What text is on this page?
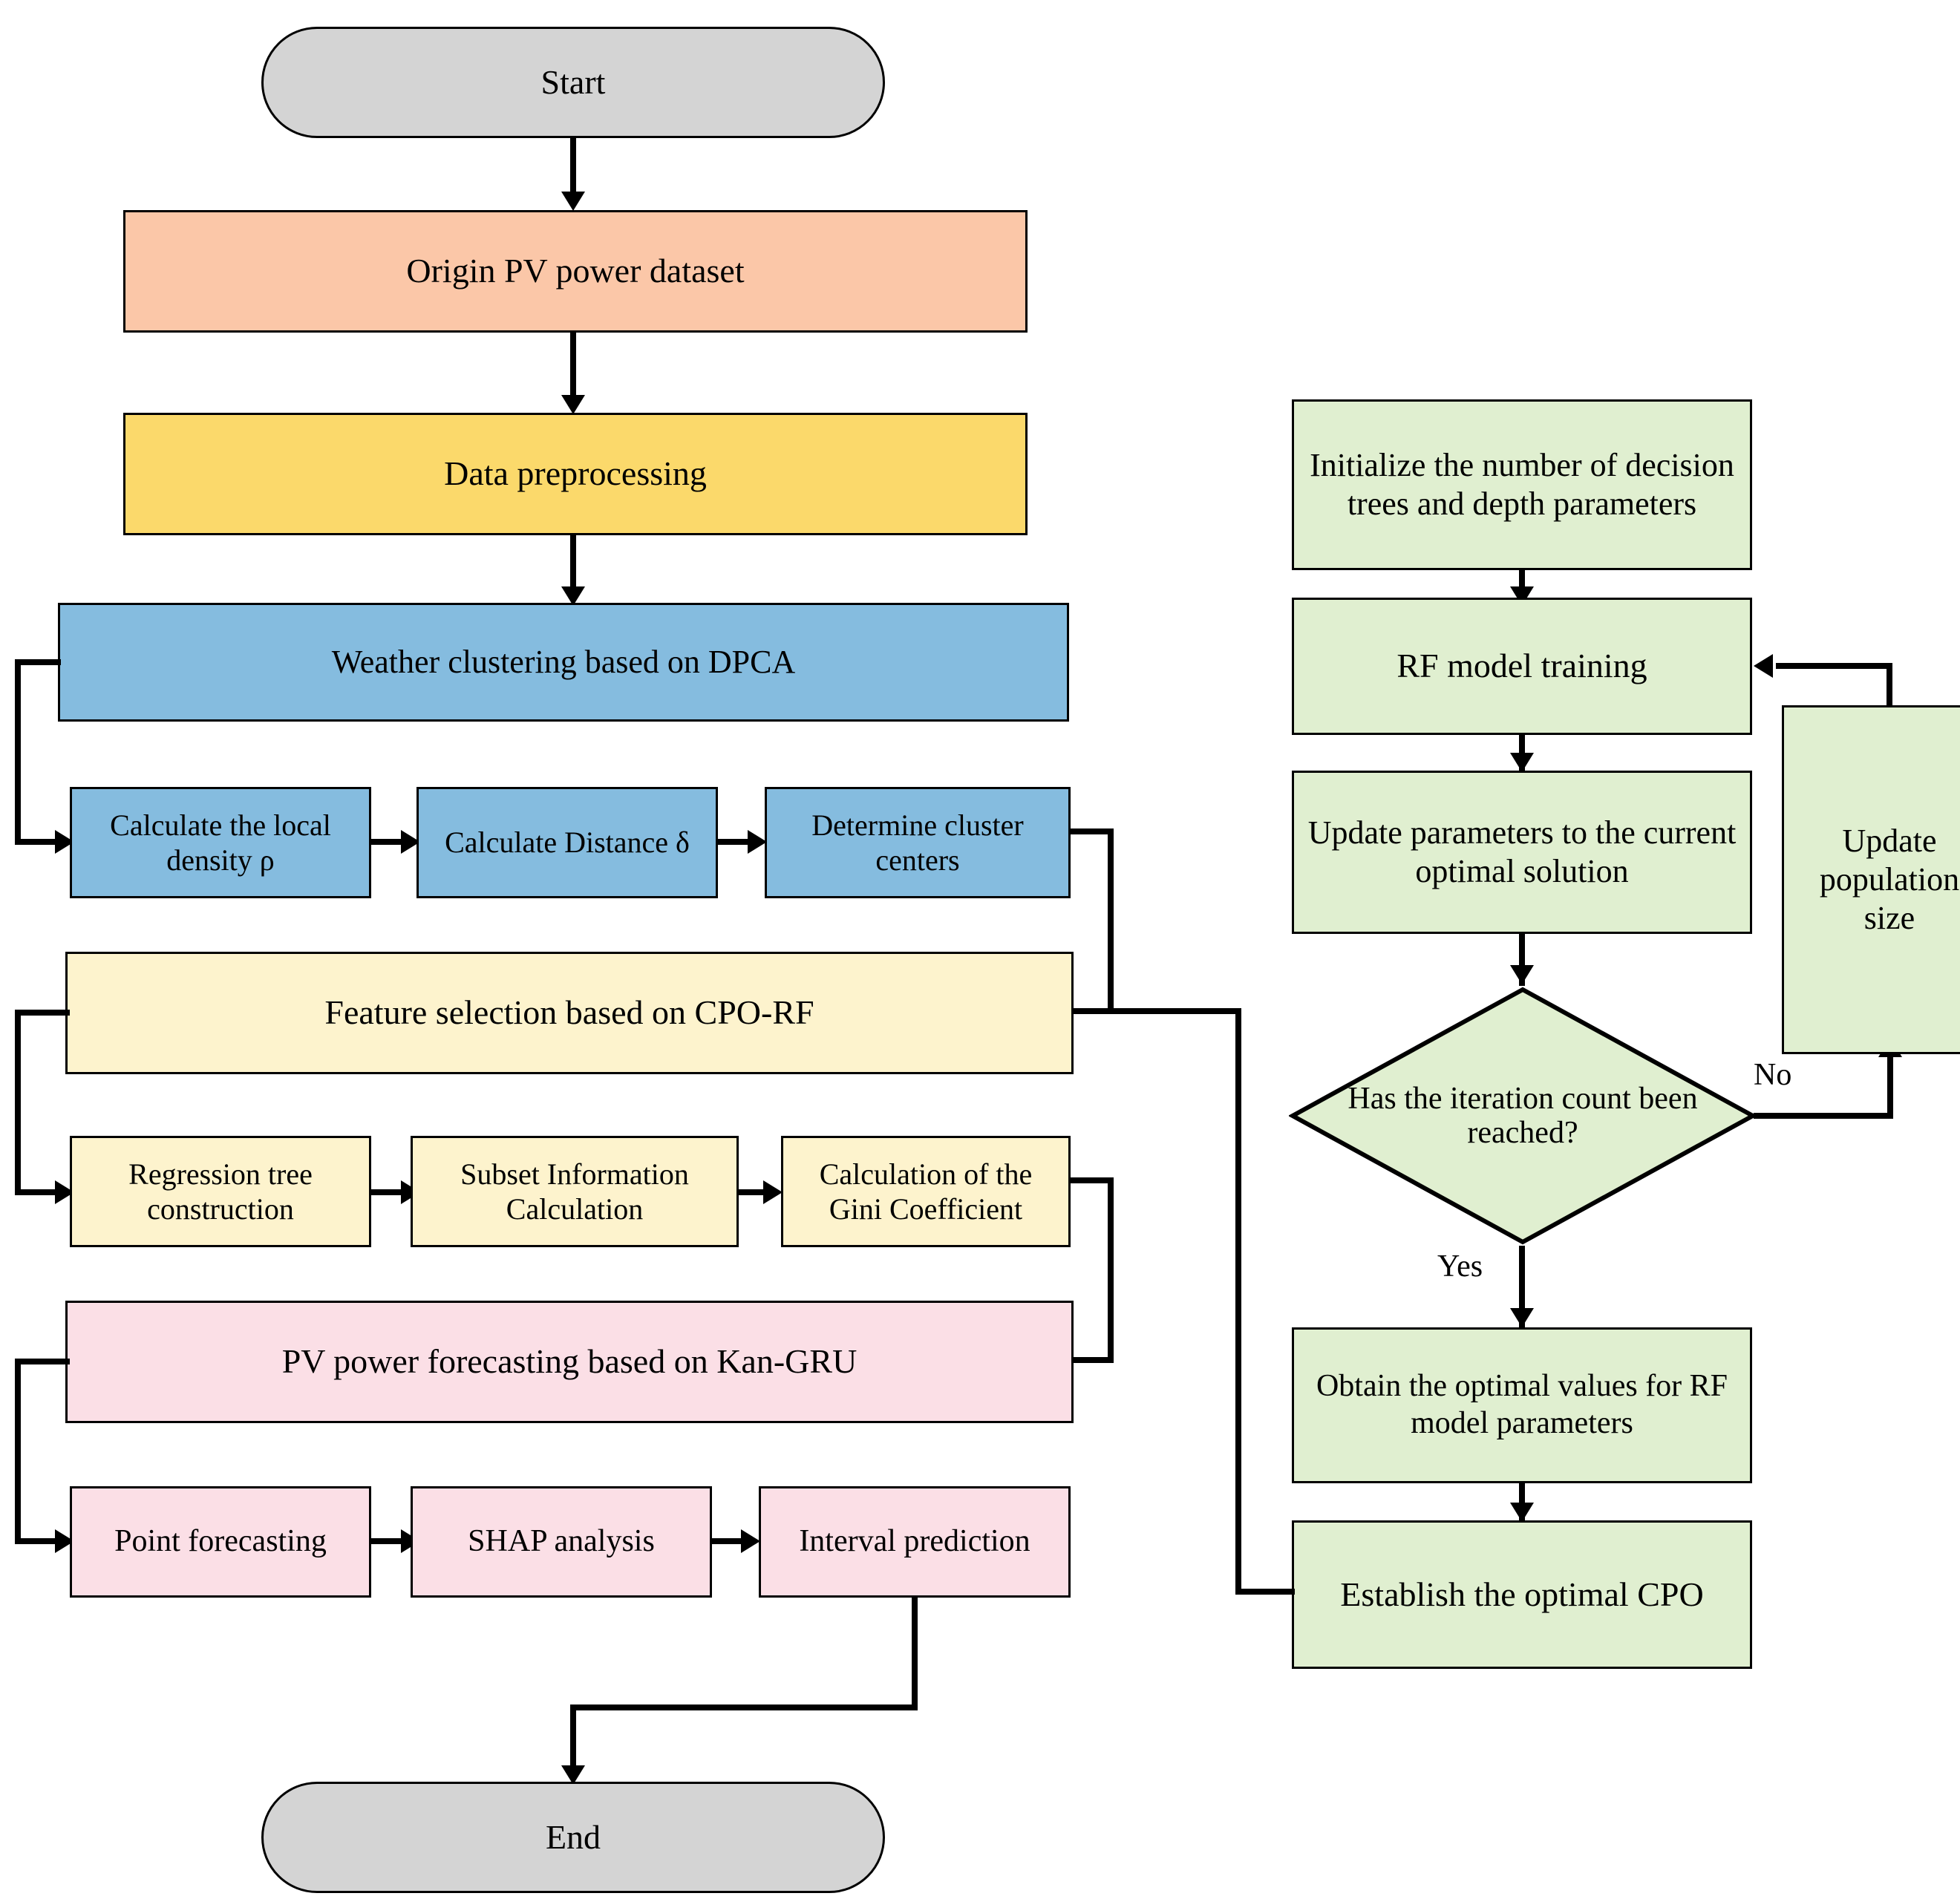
Start
Origin PV power dataset
Data preprocessing
Weather clustering based on DPCA
Calculate the local density ρ
Calculate Distance δ
Determine cluster centers
Feature selection based on CPO-RF
Regression tree construction
Subset Information Calculation
Calculation of the Gini Coefficient
PV power forecasting based on Kan-GRU
Point forecasting	SHAP analysis	Interval prediction
End
Initialize the number of decision trees and depth parameters
RF model training
Update parameters to the current optimal solution
Has the iteration count been reached?
No
Update population size
Yes
Obtain the optimal values for RF model parameters
Establish the optimal CPO
